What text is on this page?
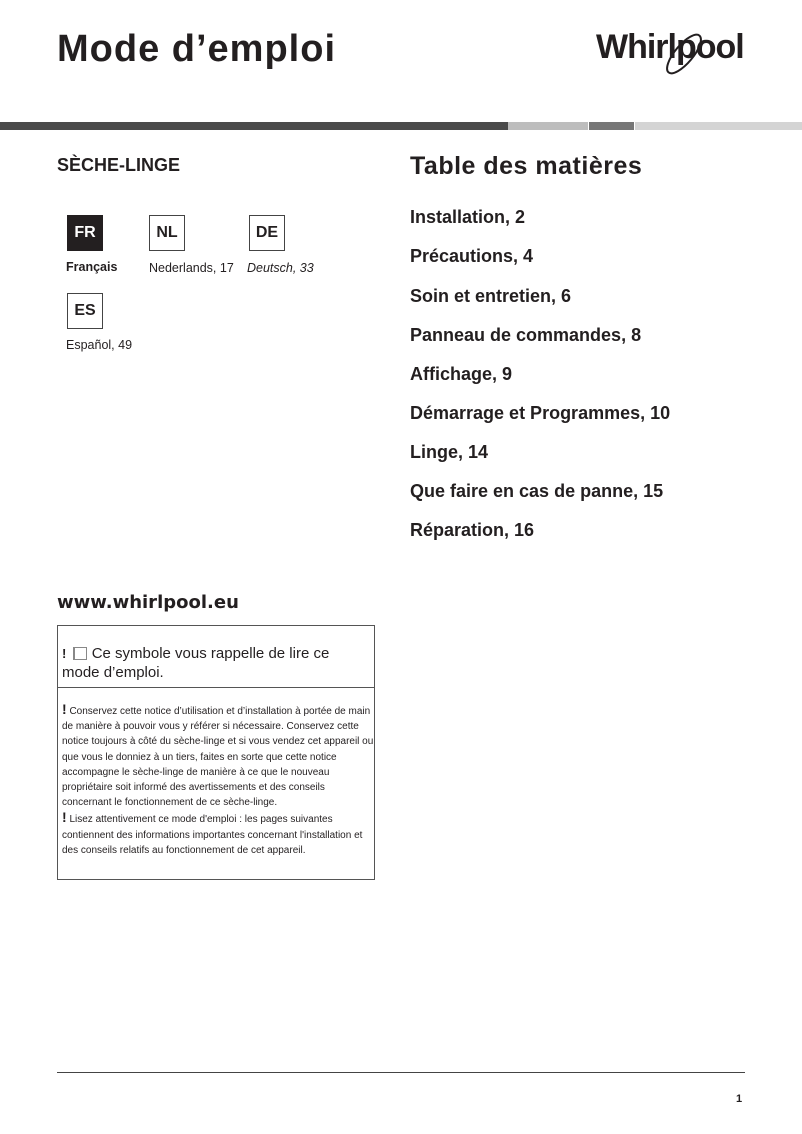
Mode d’emploi	Whirlpool
SÈCHE-LINGE
FR
Français
NL
Nederlands, 17
DE
Deutsch, 33
ES
Español, 49
Table des matières
Installation, 2
Précautions, 4
Soin et entretien, 6
Panneau de commandes, 8
Affichage, 9
Démarrage et Programmes, 10
Linge, 14
Que faire en cas de panne, 15
Réparation, 16
www.whirlpool.eu
! Ce symbole vous rappelle de lire ce mode d’emploi.
! Conservez cette notice d’utilisation et d’installation à portée de main de manière à pouvoir vous y référer si nécessaire. Conservez cette notice toujours à côté du sèche-linge et si vous vendez cet appareil ou que vous le donniez à un tiers, faites en sorte que cette notice accompagne le sèche-linge de manière à ce que le nouveau propriétaire soit informé des avertissements et des conseils concernant le fonctionnement de ce sèche-linge.
! Lisez attentivement ce mode d'emploi : les pages suivantes contiennent des informations importantes concernant l'installation et des conseils relatifs au fonctionnement de cet appareil.
1
